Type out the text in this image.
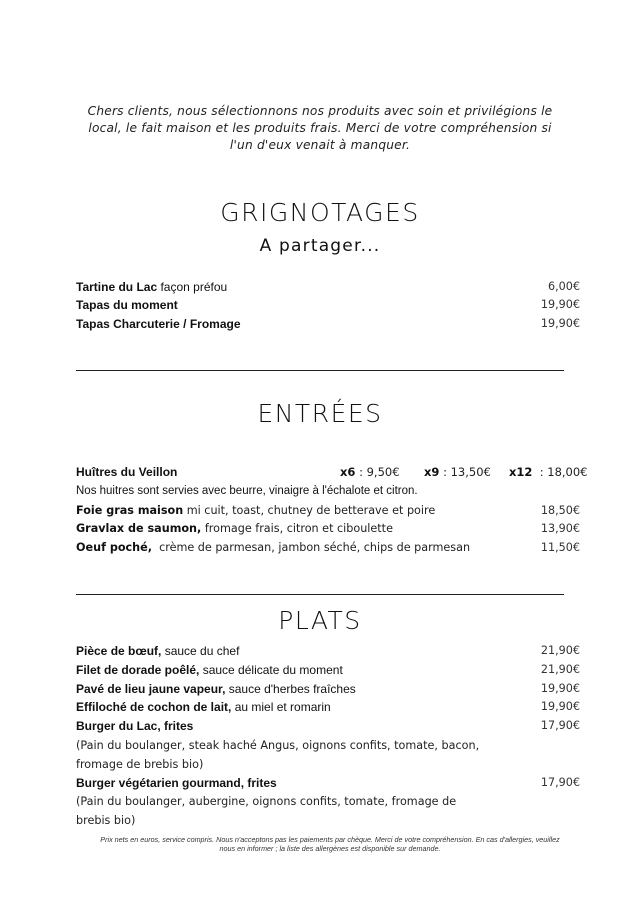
Chers clients, nous sélectionnons nos produits avec soin et privilégions le local, le fait maison et les produits frais. Merci de votre compréhension si l'un d'eux venait à manquer.
GRIGNOTAGES
A partager...
Tartine du Lac façon préfou	6,00€
Tapas du moment	19,90€
Tapas Charcuterie / Fromage	19,90€
ENTRÉES
Huîtres du Veillon	x6 : 9,50€ x9 : 13,50€ x12  : 18,00€
Nos huitres sont servies avec beurre, vinaigre à l'échalote et citron.
Foie gras maison mi cuit, toast, chutney de betterave et poire	18,50€
Gravlax de saumon, fromage frais, citron et ciboulette	13,90€
Oeuf poché,  crème de parmesan, jambon séché, chips de parmesan	11,50€
PLATS
Pièce de bœuf, sauce du chef	21,90€
Filet de dorade poêlé, sauce délicate du moment	21,90€
Pavé de lieu jaune vapeur, sauce d'herbes fraîches	19,90€
Effiloché de cochon de lait, au miel et romarin	19,90€
Burger du Lac, frites	17,90€
(Pain du boulanger, steak haché Angus, oignons confits, tomate, bacon, fromage de brebis bio)
Burger végétarien gourmand, frites	17,90€
(Pain du boulanger, aubergine, oignons confits, tomate, fromage de brebis bio)
Prix nets en euros, service compris. Nous n'acceptons pas les paiements par chèque. Merci de votre compréhension. En cas d'allergies, veuillez nous en informer ; la liste des allergènes est disponible sur demande.
